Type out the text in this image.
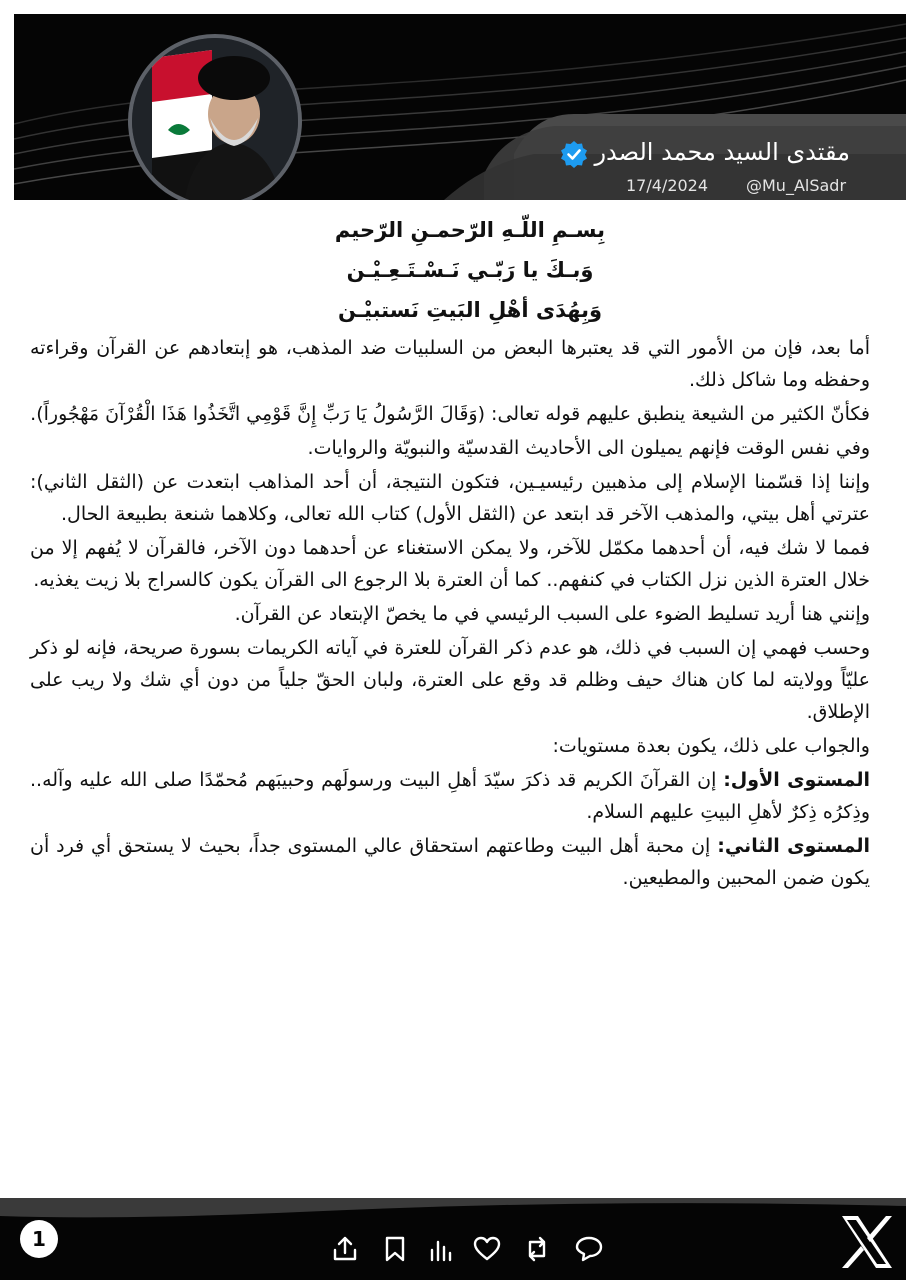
مقتدى السيد محمد الصدر
@Mu_AlSadr
17/4/2024
بِسـمِ اللّـهِ الرّحمـنِ الرّحيم
وَبـكَ يا رَبّـي نَـسْـتَـعِـيْـن
وَبِهُدَى أهْلِ البَيتِ نَستبيْـن

أما بعد، فإن من الأمور التي قد يعتبرها البعض من السلبيات ضد المذهب، هو إبتعادهم عن القرآن وقراءته وحفظه وما شاكل ذلك.

فكأنّ الكثير من الشيعة ينطبق عليهم قوله تعالى: (وَقَالَ الرَّسُولُ يَا رَبِّ إِنَّ قَوْمِي اتَّخَذُوا هَذَا الْقُرْآنَ مَهْجُوراً).

وفي نفس الوقت فإنهم يميلون الى الأحاديث القدسيّة والنبويّة والروايات.

وإننا إذا قسّمنا الإسلام إلى مذهبين رئيسيـين، فتكون النتيجة، أن أحد المذاهب ابتعدت عن (الثقل الثاني): عترتي أهل بيتي، والمذهب الآخر قد ابتعد عن (الثقل الأول) كتاب الله تعالى، وكلاهما شنعة بطبيعة الحال.

فمما لا شك فيه، أن أحدهما مكمّل للآخر، ولا يمكن الاستغناء عن أحدهما دون الآخر، فالقرآن لا يُفهم إلا من خلال العترة الذين نزل الكتاب في كنفهم.. كما أن العترة بلا الرجوع الى القرآن يكون كالسراج بلا زيت يغذيه.

وإنني هنا أريد تسليط الضوء على السبب الرئيسي في ما يخصّ الإبتعاد عن القرآن.

وحسب فهمي إن السبب في ذلك، هو عدم ذكر القرآن للعترة في آياته الكريمات بسورة صريحة، فإنه لو ذكر عليّاً وولايته لما كان هناك حيف وظلم قد وقع على العترة، ولبان الحقّ جلياً من دون أي شك ولا ريب على الإطلاق.

والجواب على ذلك، يكون بعدة مستويات:

المستوى الأول: إن القرآنَ الكريم قد ذكرَ سيّدَ أهلِ البيت ورسولَهم وحبيبَهم مُحمّدًا صلى الله عليه وآله.. وذِكرُه ذِكرٌ لأهلِ البيتِ عليهم السلام.

المستوى الثاني: إن محبة أهل البيت وطاعتهم استحقاق عالي المستوى جداً، بحيث لا يستحق أي فرد أن يكون ضمن المحبين والمطيعين.

1
